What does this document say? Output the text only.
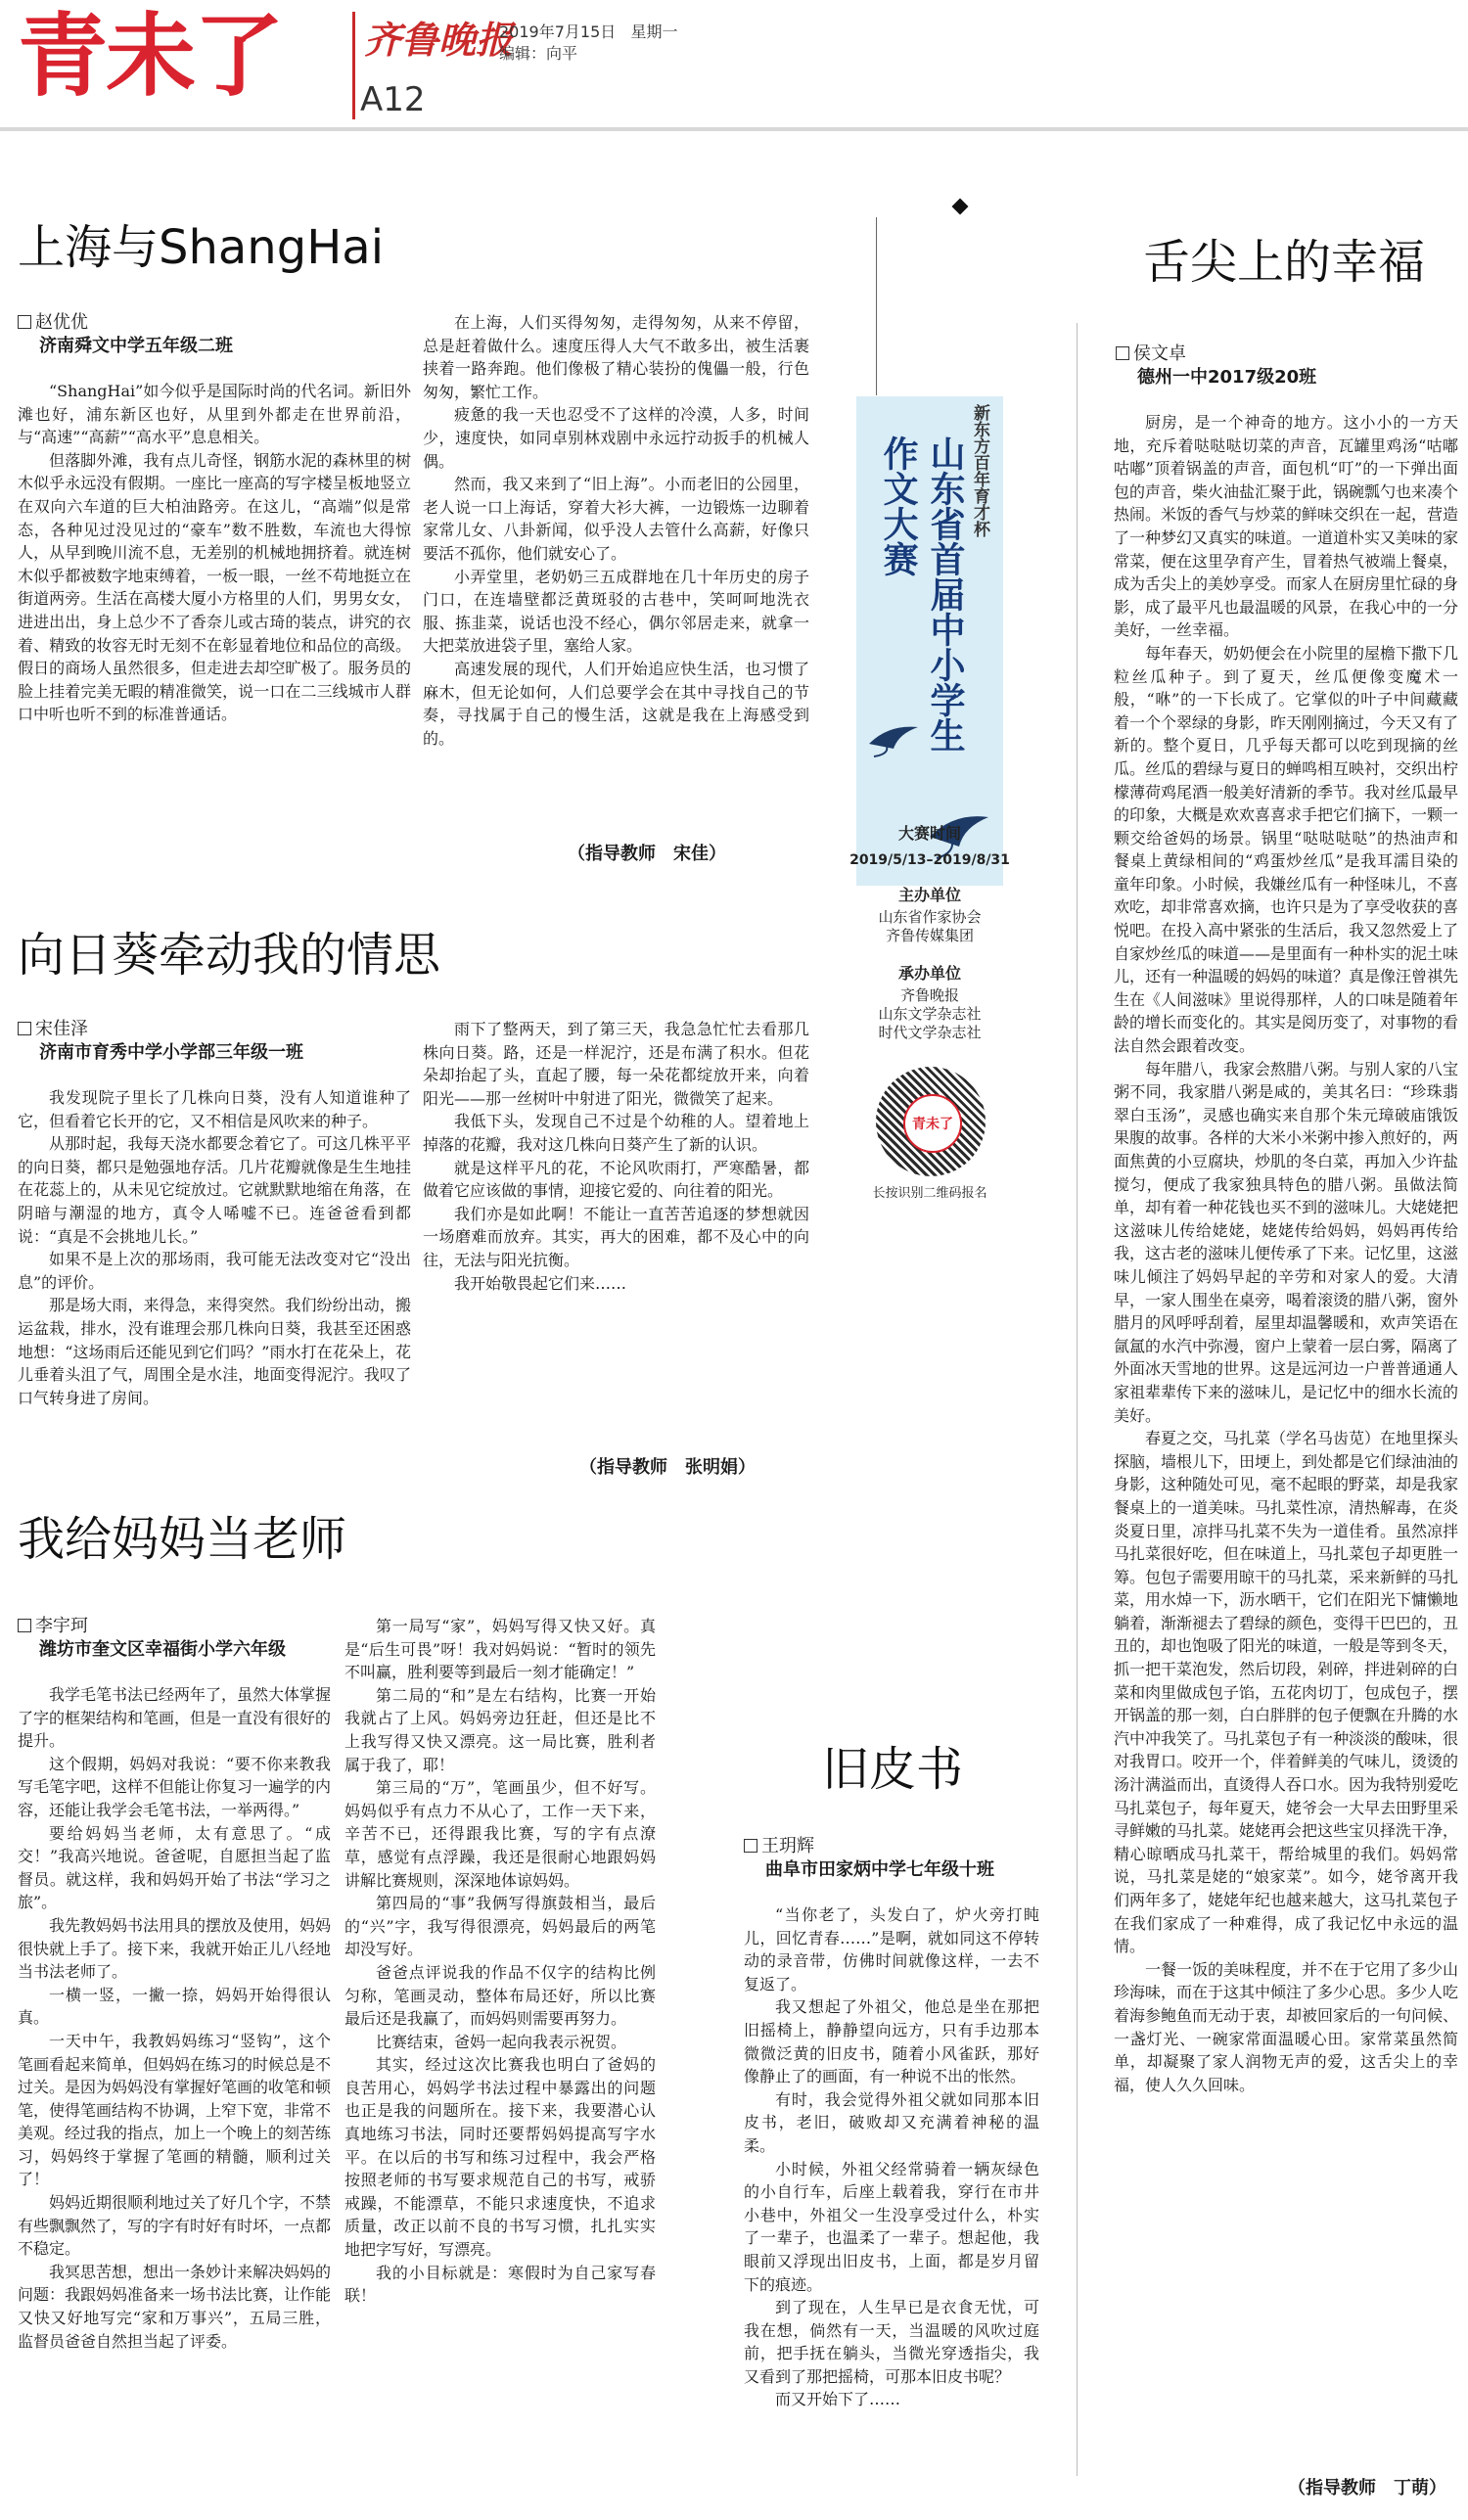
青未了 齐鲁晚报
2019年7月15日 星期一
编辑：向平
A12
上海与ShangHai
赵优优
济南舜文中学五年级二班

“ShangHai”如今似乎是国际时尚的代名词。新旧外滩也好，浦东新区也好，从里到外都走在世界前沿，与“高速”“高薪”“高水平”息息相关。

但落脚外滩，我有点儿奇怪，钢筋水泥的森林里的树木似乎永远没有假期。一座比一座高的写字楼呈板地竖立在双向六车道的巨大柏油路旁。在这儿，“高端”似是常态，各种见过没见过的“豪车”数不胜数，车流也大得惊人，从早到晚川流不息，无差别的机械地拥挤着。就连树木似乎都被数字地束缚着，一板一眼，一丝不苟地挺立在街道两旁。生活在高楼大厦小方格里的人们，男男女女，进进出出，身上总少不了香奈儿或古琦的装点，讲究的衣着、精致的妆容无时无刻不在彰显着地位和品位的高级。假日的商场人虽然很多，但走进去却空旷极了。服务员的脸上挂着完美无暇的精准微笑，说一口在二三线城市人群口中听也听不到的标准普通话。

在上海，人们买得匆匆，走得匆匆，从来不停留，总是赶着做什么。速度压得人大气不敢多出，被生活裹挟着一路奔跑。他们像极了精心装扮的傀儡一般，行色匆匆，繁忙工作。

疲惫的我一天也忍受不了这样的冷漠，人多，时间少，速度快，如同卓别林戏剧中永远拧动扳手的机械人偶。

然而，我又来到了“旧上海”。小而老旧的公园里，老人说一口上海话，穿着大衫大裤，一边锻炼一边聊着家常儿女、八卦新闻，似乎没人去管什么高薪，好像只要活不孤你，他们就安心了。

小弄堂里，老奶奶三五成群地在几十年历史的房子门口，在连墙壁都泛黄斑驳的古巷中，笑呵呵地洗衣服、拣韭菜，说话也没不经心，偶尔邻居走来，就拿一大把菜放进袋子里，塞给人家。

高速发展的现代，人们开始追应快生活，也习惯了麻木，但无论如何，人们总要学会在其中寻找自己的节奏，寻找属于自己的慢生活，这就是我在上海感受到的。

（指导教师　宋佳）
向日葵牵动我的情思
宋佳泽
济南市育秀中学小学部三年级一班

我发现院子里长了几株向日葵，没有人知道谁种了它，但看着它长开的它，又不相信是风吹来的种子。

从那时起，我每天浇水都要念着它了。可这几株平平的向日葵，都只是勉强地存活。几片花瓣就像是生生地挂在花蕊上的，从未见它绽放过。它就默默地缩在角落，在阴暗与潮湿的地方，真令人唏嘘不已。连爸爸看到都说：“真是不会挑地儿长。”

如果不是上次的那场雨，我可能无法改变对它“没出息”的评价。

那是场大雨，来得急，来得突然。我们纷纷出动，搬运盆栽，排水，没有谁理会那几株向日葵，我甚至还困惑地想：“这场雨后还能见到它们吗？”雨水打在花朵上，花儿垂着头沮了气，周围全是水洼，地面变得泥泞。我叹了口气转身进了房间。

雨下了整两天，到了第三天，我急急忙忙去看那几株向日葵。路，还是一样泥泞，还是布满了积水。但花朵却抬起了头，直起了腰，每一朵花都绽放开来，向着阳光——那一丝树叶中射进了阳光，微微笑了起来。

我低下头，发现自己不过是个幼稚的人。望着地上掉落的花瓣，我对这几株向日葵产生了新的认识。

就是这样平凡的花，不论风吹雨打，严寒酷暑，都做着它应该做的事情，迎接它爱的、向往着的阳光。

我们亦是如此啊！不能让一直苦苦追逐的梦想就因一场磨难而放弃。其实，再大的困难，都不及心中的向往，无法与阳光抗衡。

我开始敬畏起它们来……

（指导教师　张明娟）
我给妈妈当老师
李宇珂
潍坊市奎文区幸福街小学六年级

我学毛笔书法已经两年了，虽然大体掌握了字的框架结构和笔画，但是一直没有很好的提升。

这个假期，妈妈对我说：“要不你来教我写毛笔字吧，这样不但能让你复习一遍学的内容，还能让我学会毛笔书法，一举两得。”

要给妈妈当老师，太有意思了。“成交！”我高兴地说。爸爸呢，自愿担当起了监督员。就这样，我和妈妈开始了书法“学习之旅”。

我先教妈妈书法用具的摆放及使用，妈妈很快就上手了。接下来，我就开始正儿八经地当书法老师了。

一横一竖，一撇一捺，妈妈开始得很认真。

一天中午，我教妈妈练习“竖钩”，这个笔画看起来简单，但妈妈在练习的时候总是不过关。是因为妈妈没有掌握好笔画的收笔和顿笔，使得笔画结构不协调，上窄下宽，非常不美观。经过我的指点，加上一个晚上的刻苦练习，妈妈终于掌握了笔画的精髓，顺利过关了！

妈妈近期很顺利地过关了好几个字，不禁有些飘飘然了，写的字有时好有时坏，一点都不稳定。

我冥思苦想，想出一条妙计来解决妈妈的问题：我跟妈妈准备来一场书法比赛，让作能又快又好地写完“家和万事兴”，五局三胜，监督员爸爸自然担当起了评委。

第一局写“家”，妈妈写得又快又好。真是“后生可畏”呀！我对妈妈说：“暂时的领先不叫赢，胜利要等到最后一刻才能确定！”

第二局的“和”是左右结构，比赛一开始我就占了上风。妈妈旁边狂赶，但还是比不上我写得又快又漂亮。这一局比赛，胜利者属于我了，耶！

第三局的“万”，笔画虽少，但不好写。妈妈似乎有点力不从心了，工作一天下来，辛苦不已，还得跟我比赛，写的字有点潦草，感觉有点浮躁，我还是很耐心地跟妈妈讲解比赛规则，深深地体谅妈妈。

第四局的“事”我俩写得旗鼓相当，最后的“兴”字，我写得很漂亮，妈妈最后的两笔却没写好。

爸爸点评说我的作品不仅字的结构比例匀称，笔画灵动，整体布局还好，所以比赛最后还是我赢了，而妈妈则需要再努力。

比赛结束，爸妈一起向我表示祝贺。

其实，经过这次比赛我也明白了爸妈的良苦用心，妈妈学书法过程中暴露出的问题也正是我的问题所在。接下来，我要潜心认真地练习书法，同时还要帮妈妈提高写字水平。在以后的书写和练习过程中，我会严格按照老师的书写要求规范自己的书写，戒骄戒躁，不能漂草，不能只求速度快，不追求质量，改正以前不良的书写习惯，扎扎实实地把字写好，写漂亮。

我的小目标就是：寒假时为自己家写春联！

旧皮书
王玥辉
曲阜市田家炳中学七年级十班

“当你老了，头发白了，炉火旁打盹儿，回忆青春……”是啊，就如同这不停转动的录音带，仿佛时间就像这样，一去不复返了。

我又想起了外祖父，他总是坐在那把旧摇椅上，静静望向远方，只有手边那本微微泛黄的旧皮书，随着小风雀跃，那好像静止了的画面，有一种说不出的怅然。

有时，我会觉得外祖父就如同那本旧皮书，老旧，破败却又充满着神秘的温柔。

小时候，外祖父经常骑着一辆灰绿色的小自行车，后座上载着我，穿行在市井小巷中，外祖父一生没享受过什么，朴实了一辈子，也温柔了一辈子。想起他，我眼前又浮现出旧皮书，上面，都是岁月留下的痕迹。

到了现在，人生早已是衣食无忧，可我在想，倘然有一天，当温暖的风吹过庭前，把手抚在躺头，当微光穿透指尖，我又看到了那把摇椅，可那本旧皮书呢？

而又开始下了……

舌尖上的幸福
侯文卓
德州一中2017级20班

厨房，是一个神奇的地方。这小小的一方天地，充斥着哒哒哒切菜的声音，瓦罐里鸡汤“咕嘟咕嘟”顶着锅盖的声音，面包机“叮”的一下弹出面包的声音，柴火油盐汇聚于此，锅碗瓢勺也来凑个热闹。米饭的香气与炒菜的鲜味交织在一起，营造了一种梦幻又真实的味道。一道道朴实又美味的家常菜，便在这里孕育产生，冒着热气被端上餐桌，成为舌尖上的美妙享受。而家人在厨房里忙碌的身影，成了最平凡也最温暖的风景，在我心中的一分美好，一丝幸福。

每年春天，奶奶便会在小院里的屋檐下撒下几粒丝瓜种子。到了夏天，丝瓜便像变魔术一般，“咻”的一下长成了。它掌似的叶子中间藏藏着一个个翠绿的身影，昨天刚刚摘过，今天又有了新的。整个夏日，几乎每天都可以吃到现摘的丝瓜。丝瓜的碧绿与夏日的蝉鸣相互映衬，交织出柠檬薄荷鸡尾酒一般美好清新的季节。我对丝瓜最早的印象，大概是欢欢喜喜求手把它们摘下，一颗一颗交给爸妈的场景。锅里“哒哒哒哒”的热油声和餐桌上黄绿相间的“鸡蛋炒丝瓜”是我耳濡目染的童年印象。小时候，我嫌丝瓜有一种怪味儿，不喜欢吃，却非常喜欢摘，也许只是为了享受收获的喜悦吧。在投入高中紧张的生活后，我又忽然爱上了自家炒丝瓜的味道——是里面有一种朴实的泥土味儿，还有一种温暖的妈妈的味道？真是像汪曾祺先生在《人间滋味》里说得那样，人的口味是随着年龄的增长而变化的。其实是阅历变了，对事物的看法自然会跟着改变。

每年腊八，我家会熬腊八粥。与别人家的八宝粥不同，我家腊八粥是咸的，美其名曰：“珍珠翡翠白玉汤”，灵感也确实来自那个朱元璋破庙饿饭果腹的故事。各样的大米小米粥中掺入煎好的，两面焦黄的小豆腐块，炒肌的冬白菜，再加入少许盐搅匀，便成了我家独具特色的腊八粥。虽做法简单，却有着一种花钱也买不到的滋味儿。大姥姥把这滋味儿传给姥姥，姥姥传给妈妈，妈妈再传给我，这古老的滋味儿便传承了下来。记忆里，这滋味儿倾注了妈妈早起的辛劳和对家人的爱。大清早，一家人围坐在桌旁，喝着滚烫的腊八粥，窗外腊月的风呼呼刮着，屋里却温馨暖和，欢声笑语在氤氲的水汽中弥漫，窗户上蒙着一层白雾，隔离了外面冰天雪地的世界。这是远河边一户普普通通人家祖辈辈传下来的滋味儿，是记忆中的细水长流的美好。

春夏之交，马扎菜（学名马齿苋）在地里探头探脑，墙根儿下，田埂上，到处都是它们绿油油的身影，这种随处可见，毫不起眼的野菜，却是我家餐桌上的一道美味。马扎菜性凉，清热解毒，在炎炎夏日里，凉拌马扎菜不失为一道佳肴。虽然凉拌马扎菜很好吃，但在味道上，马扎菜包子却更胜一筹。包包子需要用晾干的马扎菜，采来新鲜的马扎菜，用水焯一下，沥水晒干，它们在阳光下慵懒地躺着，渐渐褪去了碧绿的颜色，变得干巴巴的，丑丑的，却也饱吸了阳光的味道，一般是等到冬天，抓一把干菜泡发，然后切段，剁碎，拌进剁碎的白菜和肉里做成包子馅，五花肉切丁，包成包子，摆开锅盖的那一刻，白白胖胖的包子便飘在升腾的水汽中冲我笑了。马扎菜包子有一种淡淡的酸味，很对我胃口。咬开一个，伴着鲜美的气味儿，烫烫的汤汁满溢而出，直烫得人吞口水。因为我特别爱吃马扎菜包子，每年夏天，姥爷会一大早去田野里采寻鲜嫩的马扎菜。姥姥再会把这些宝贝择洗干净，精心晾晒成马扎菜干，帮给城里的我们。妈妈常说，马扎菜是姥的“娘家菜”。如今，姥爷离开我们两年多了，姥姥年纪也越来越大，这马扎菜包子在我们家成了一种难得，成了我记忆中永远的温情。

一餐一饭的美味程度，并不在于它用了多少山珍海味，而在于这其中倾注了多少心思。多少人吃着海参鲍鱼而无动于衷，却被回家后的一句问候、一盏灯光、一碗家常面温暖心田。家常菜虽然简单，却凝聚了家人润物无声的爱，这舌尖上的幸福，使人久久回味。

（指导教师　丁萌）
新东方百年育才杯
山东省首届中小学生
作文大赛
大赛时间
2019/5/13–2019/8/31
主办单位
山东省作家协会
齐鲁传媒集团
承办单位
齐鲁晚报
山东文学杂志社
时代文学杂志社
青未了
长按识别二维码报名
